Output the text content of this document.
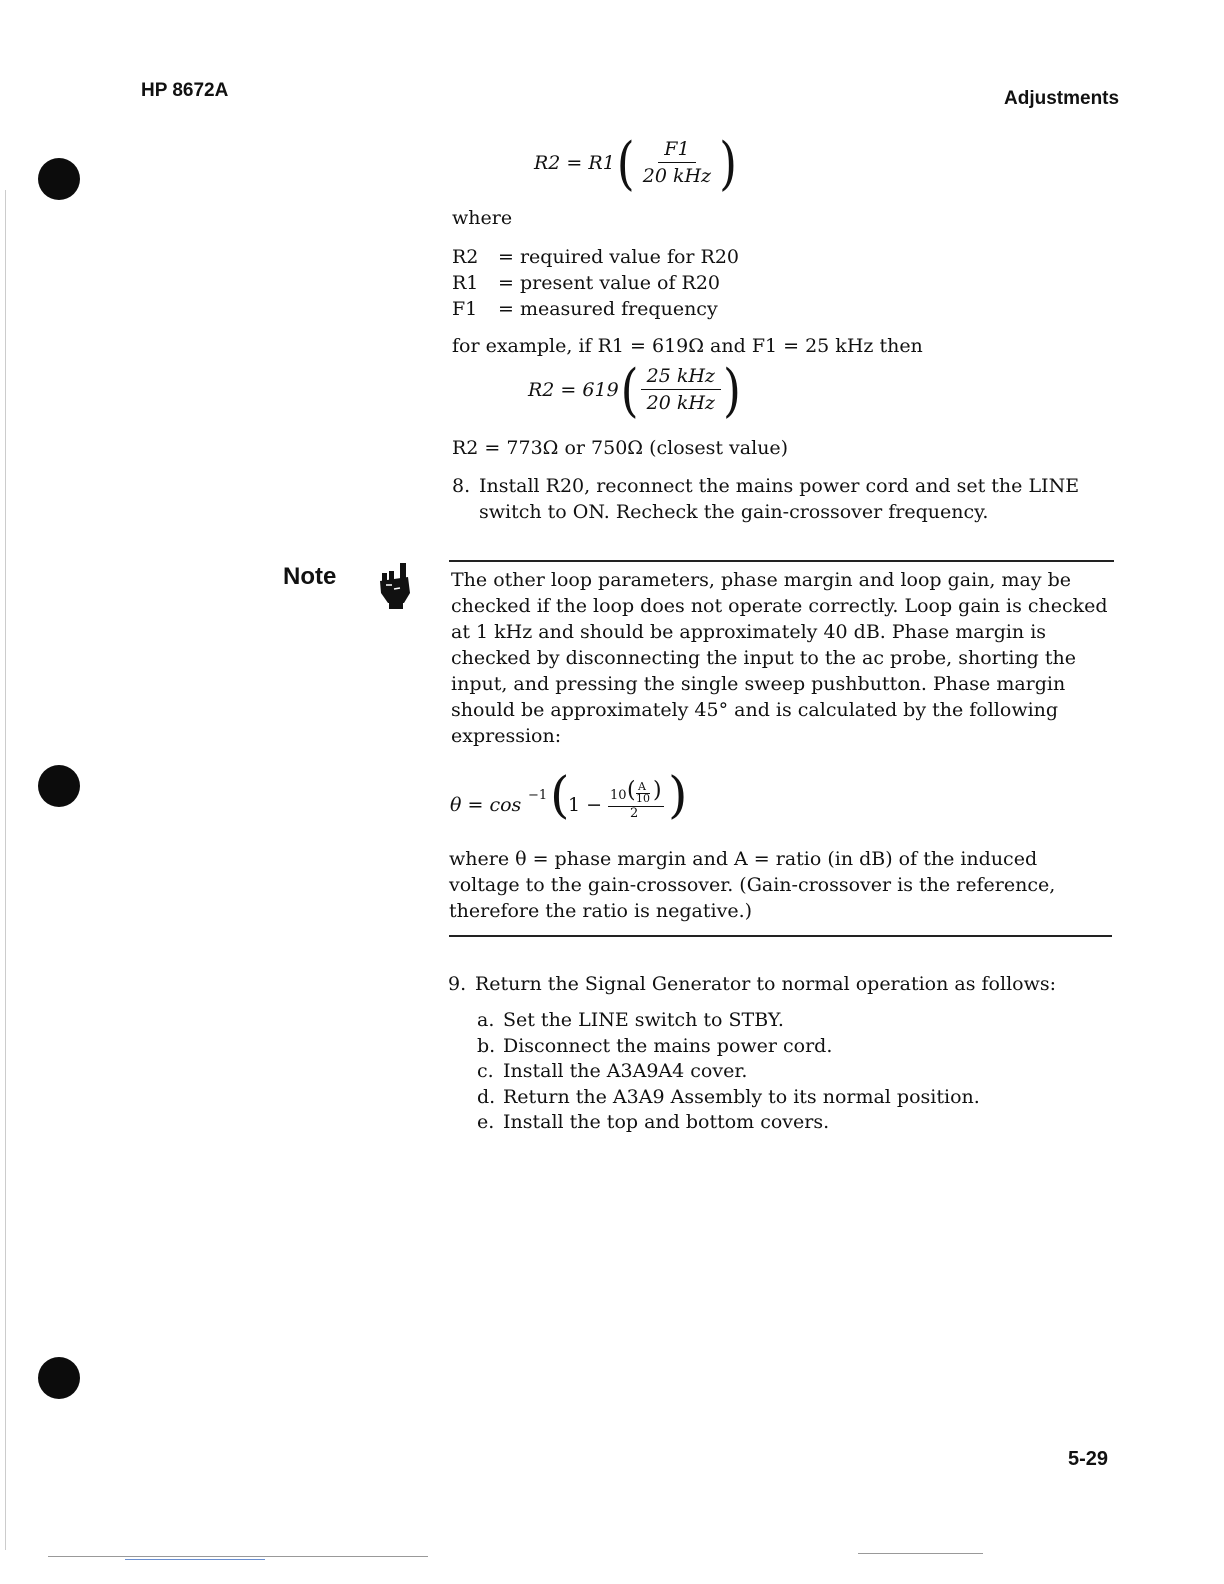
HP 8672A	Adjustments
R2 = R1 ( $\frac{F1}{\text{20 kHz}}$ )
where
R2	= required value for R20
R1	= present value of R20
F1	= measured frequency
for example, if R1 = 619Ω and F1 = 25 kHz then
R2 = 619 ( $\frac{\text{25 kHz}}{\text{20 kHz}}$ )
R2 = 773Ω or 750Ω (closest value)
8. Install R20, reconnect the mains power cord and set the LINE switch to ON. Recheck the gain-crossover frequency.
Note	The other loop parameters, phase margin and loop gain, may be checked if the loop does not operate correctly. Loop gain is checked at 1 kHz and should be approximately 40 dB. Phase margin is checked by disconnecting the input to the ac probe, shorting the input, and pressing the single sweep pushbutton. Phase margin should be approximately 45° and is calculated by the following expression:
θ = cos −1 (
1 − 10 ( A
10 )
2 )
where θ = phase margin and A = ratio (in dB) of the induced voltage to the gain-crossover. (Gain-crossover is the reference, therefore the ratio is negative.)
9. Return the Signal Generator to normal operation as follows:
a. Set the LINE switch to STBY.
b. Disconnect the mains power cord.
c. Install the A3A9A4 cover.
d. Return the A3A9 Assembly to its normal position.
e. Install the top and bottom covers.
5-29
